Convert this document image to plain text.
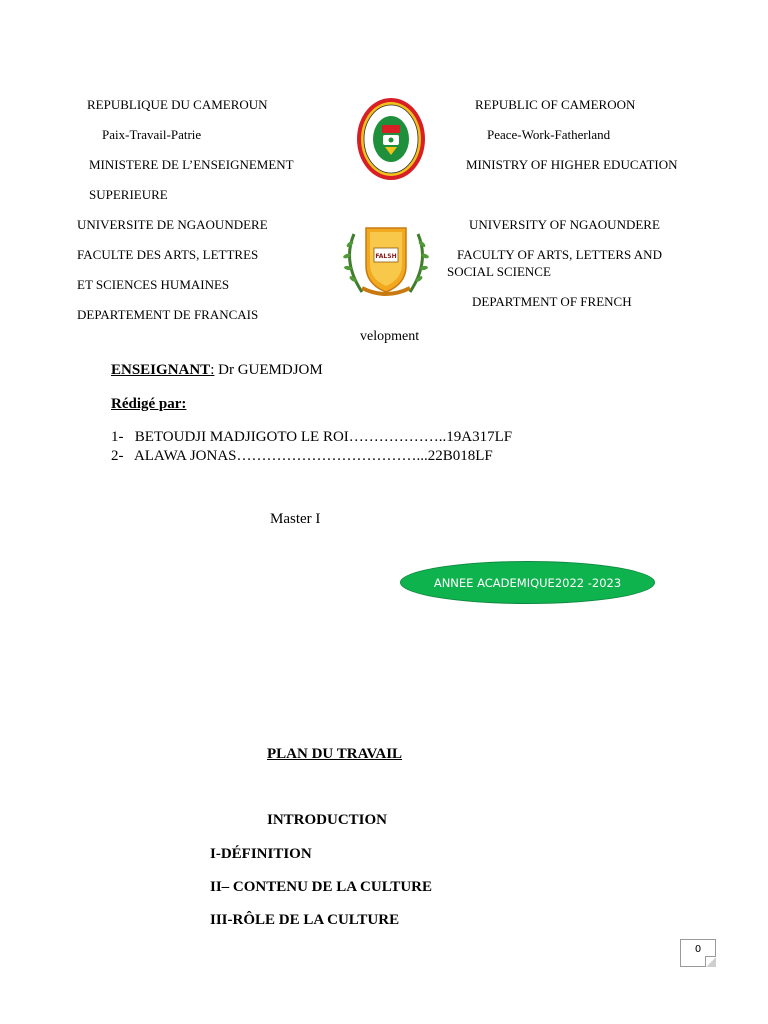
REPUBLIQUE DU CAMEROUN
Paix-Travail-Patrie
MINISTERE DE L’ENSEIGNEMENT
SUPERIEURE
UNIVERSITE DE NGAOUNDERE
FACULTE DES ARTS, LETTRES
ET SCIENCES HUMAINES
DEPARTEMENT DE FRANCAIS
REPUBLIC OF CAMEROON
Peace-Work-Fatherland
MINISTRY OF HIGHER EDUCATION
UNIVERSITY OF NGAOUNDERE
FACULTY OF ARTS, LETTERS AND
SOCIAL SCIENCE
DEPARTMENT OF FRENCH
FALSH
velopment
ENSEIGNANT: Dr GUEMDJOM
Rédigé par:
1- BETOUDJI MADJIGOTO LE ROI………………..19A317LF
2- ALAWA JONAS………………………………...22B018LF
Master I
ANNEE ACADEMIQUE2022 -2023
PLAN DU TRAVAIL
INTRODUCTION
I-DÉFINITION
II– CONTENU DE LA CULTURE
III-RÔLE DE LA CULTURE
0
